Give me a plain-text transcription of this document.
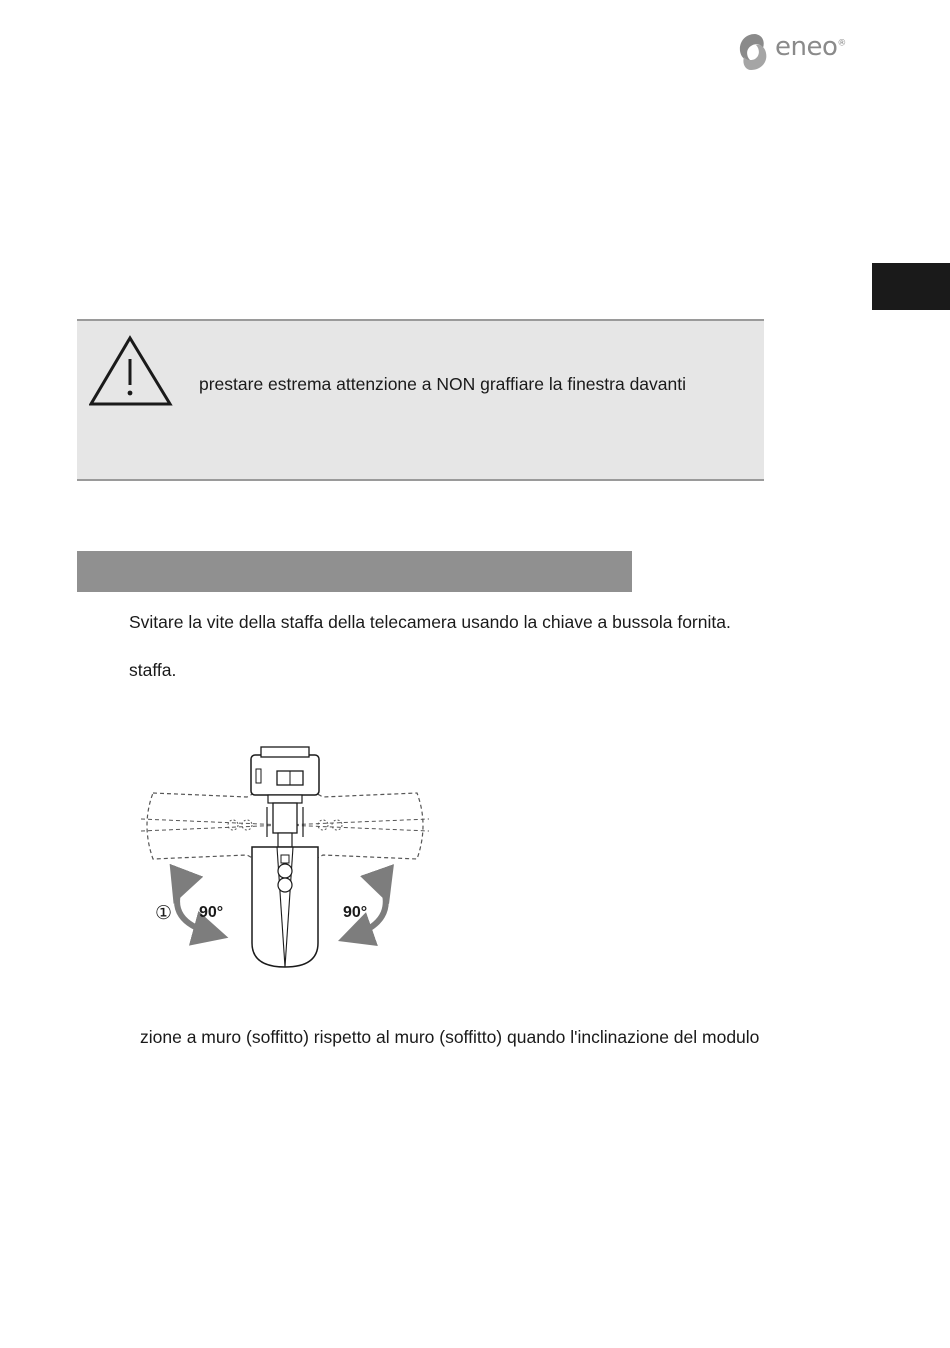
eneo®
prestare estrema attenzione a NON graffiare la finestra davanti
Svitare la vite della staffa della telecamera usando la chiave a bussola fornita.
staffa.
① 90°	90°
zione a muro (soffitto) rispetto al muro (soffitto) quando l'inclinazione del modulo
